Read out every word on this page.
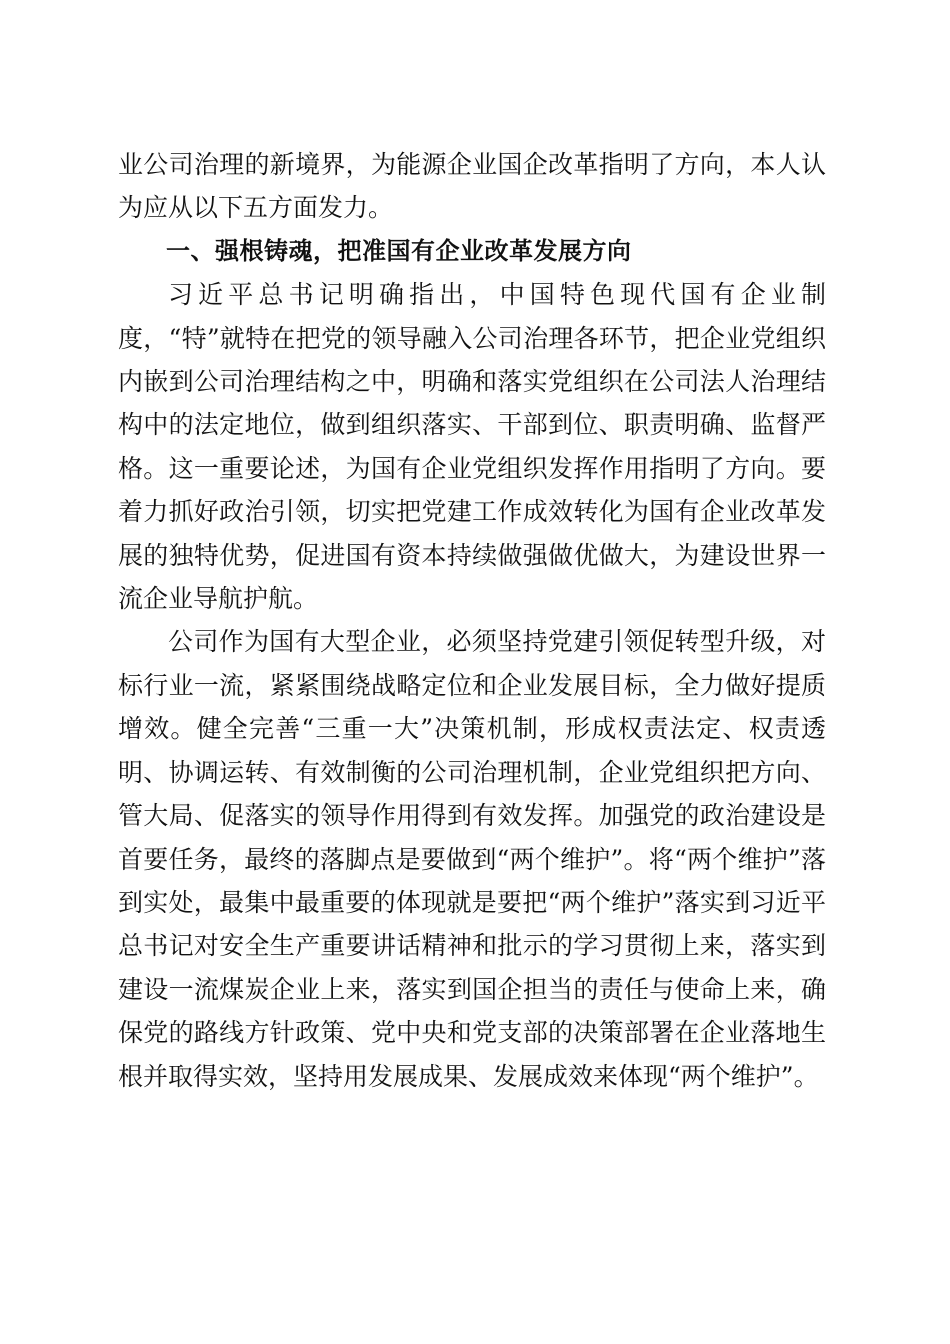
业公司治理的新境界，为能源企业国企改革指明了方向，本人认为应从以下五方面发力。

一、强根铸魂，把准国有企业改革发展方向

习近平总书记明确指出，中国特色现代国有企业制度，“特”就特在把党的领导融入公司治理各环节，把企业党组织内嵌到公司治理结构之中，明确和落实党组织在公司法人治理结构中的法定地位，做到组织落实、干部到位、职责明确、监督严格。这一重要论述，为国有企业党组织发挥作用指明了方向。要着力抓好政治引领，切实把党建工作成效转化为国有企业改革发展的独特优势，促进国有资本持续做强做优做大，为建设世界一流企业导航护航。

公司作为国有大型企业，必须坚持党建引领促转型升级，对标行业一流，紧紧围绕战略定位和企业发展目标，全力做好提质增效。健全完善“三重一大”决策机制，形成权责法定、权责透明、协调运转、有效制衡的公司治理机制，企业党组织把方向、管大局、促落实的领导作用得到有效发挥。加强党的政治建设是首要任务，最终的落脚点是要做到“两个维护”。将“两个维护”落到实处，最集中最重要的体现就是要把“两个维护”落实到习近平总书记对安全生产重要讲话精神和批示的学习贯彻上来，落实到建设一流煤炭企业上来，落实到国企担当的责任与使命上来，确保党的路线方针政策、党中央和党支部的决策部署在企业落地生根并取得实效，坚持用发展成果、发展成效来体现“两个维护”。
